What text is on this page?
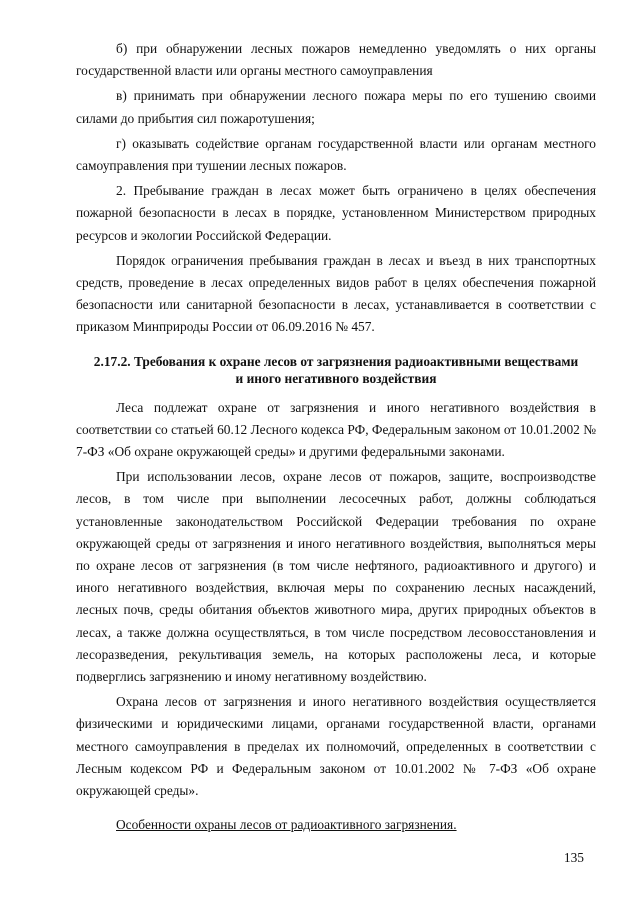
б) при обнаружении лесных пожаров немедленно уведомлять о них органы государственной власти или органы местного самоуправления

в) принимать при обнаружении лесного пожара меры по его тушению своими силами до прибытия сил пожаротушения;

г) оказывать содействие органам государственной власти или органам местного самоуправления при тушении лесных пожаров.

2. Пребывание граждан в лесах может быть ограничено в целях обеспечения пожарной безопасности в лесах в порядке, установленном Министерством природных ресурсов и экологии Российской Федерации.

Порядок ограничения пребывания граждан в лесах и въезд в них транспортных средств, проведение в лесах определенных видов работ в целях обеспечения пожарной безопасности или санитарной безопасности в лесах, устанавливается в соответствии с приказом Минприроды России от 06.09.2016 № 457.

2.17.2. Требования к охране лесов от загрязнения радиоактивными веществами
и иного негативного воздействия

Леса подлежат охране от загрязнения и иного негативного воздействия в соответствии со статьей 60.12 Лесного кодекса РФ, Федеральным законом от 10.01.2002 № 7-ФЗ «Об охране окружающей среды» и другими федеральными законами.

При использовании лесов, охране лесов от пожаров, защите, воспроизводстве лесов, в том числе при выполнении лесосечных работ, должны соблюдаться установленные законодательством Российской Федерации требования по охране окружающей среды от загрязнения и иного негативного воздействия, выполняться меры по охране лесов от загрязнения (в том числе нефтяного, радиоактивного и другого) и иного негативного воздействия, включая меры по сохранению лесных насаждений, лесных почв, среды обитания объектов животного мира, других природных объектов в лесах, а также должна осуществляться, в том числе посредством лесовосстановления и лесоразведения, рекультивация земель, на которых расположены леса, и которые подверглись загрязнению и иному негативному воздействию.

Охрана лесов от загрязнения и иного негативного воздействия осуществляется физическими и юридическими лицами, органами государственной власти, органами местного самоуправления в пределах их полномочий, определенных в соответствии с Лесным кодексом РФ и Федеральным законом от 10.01.2002 № 7-ФЗ «Об охране окружающей среды».

Особенности охраны лесов от радиоактивного загрязнения.

135
